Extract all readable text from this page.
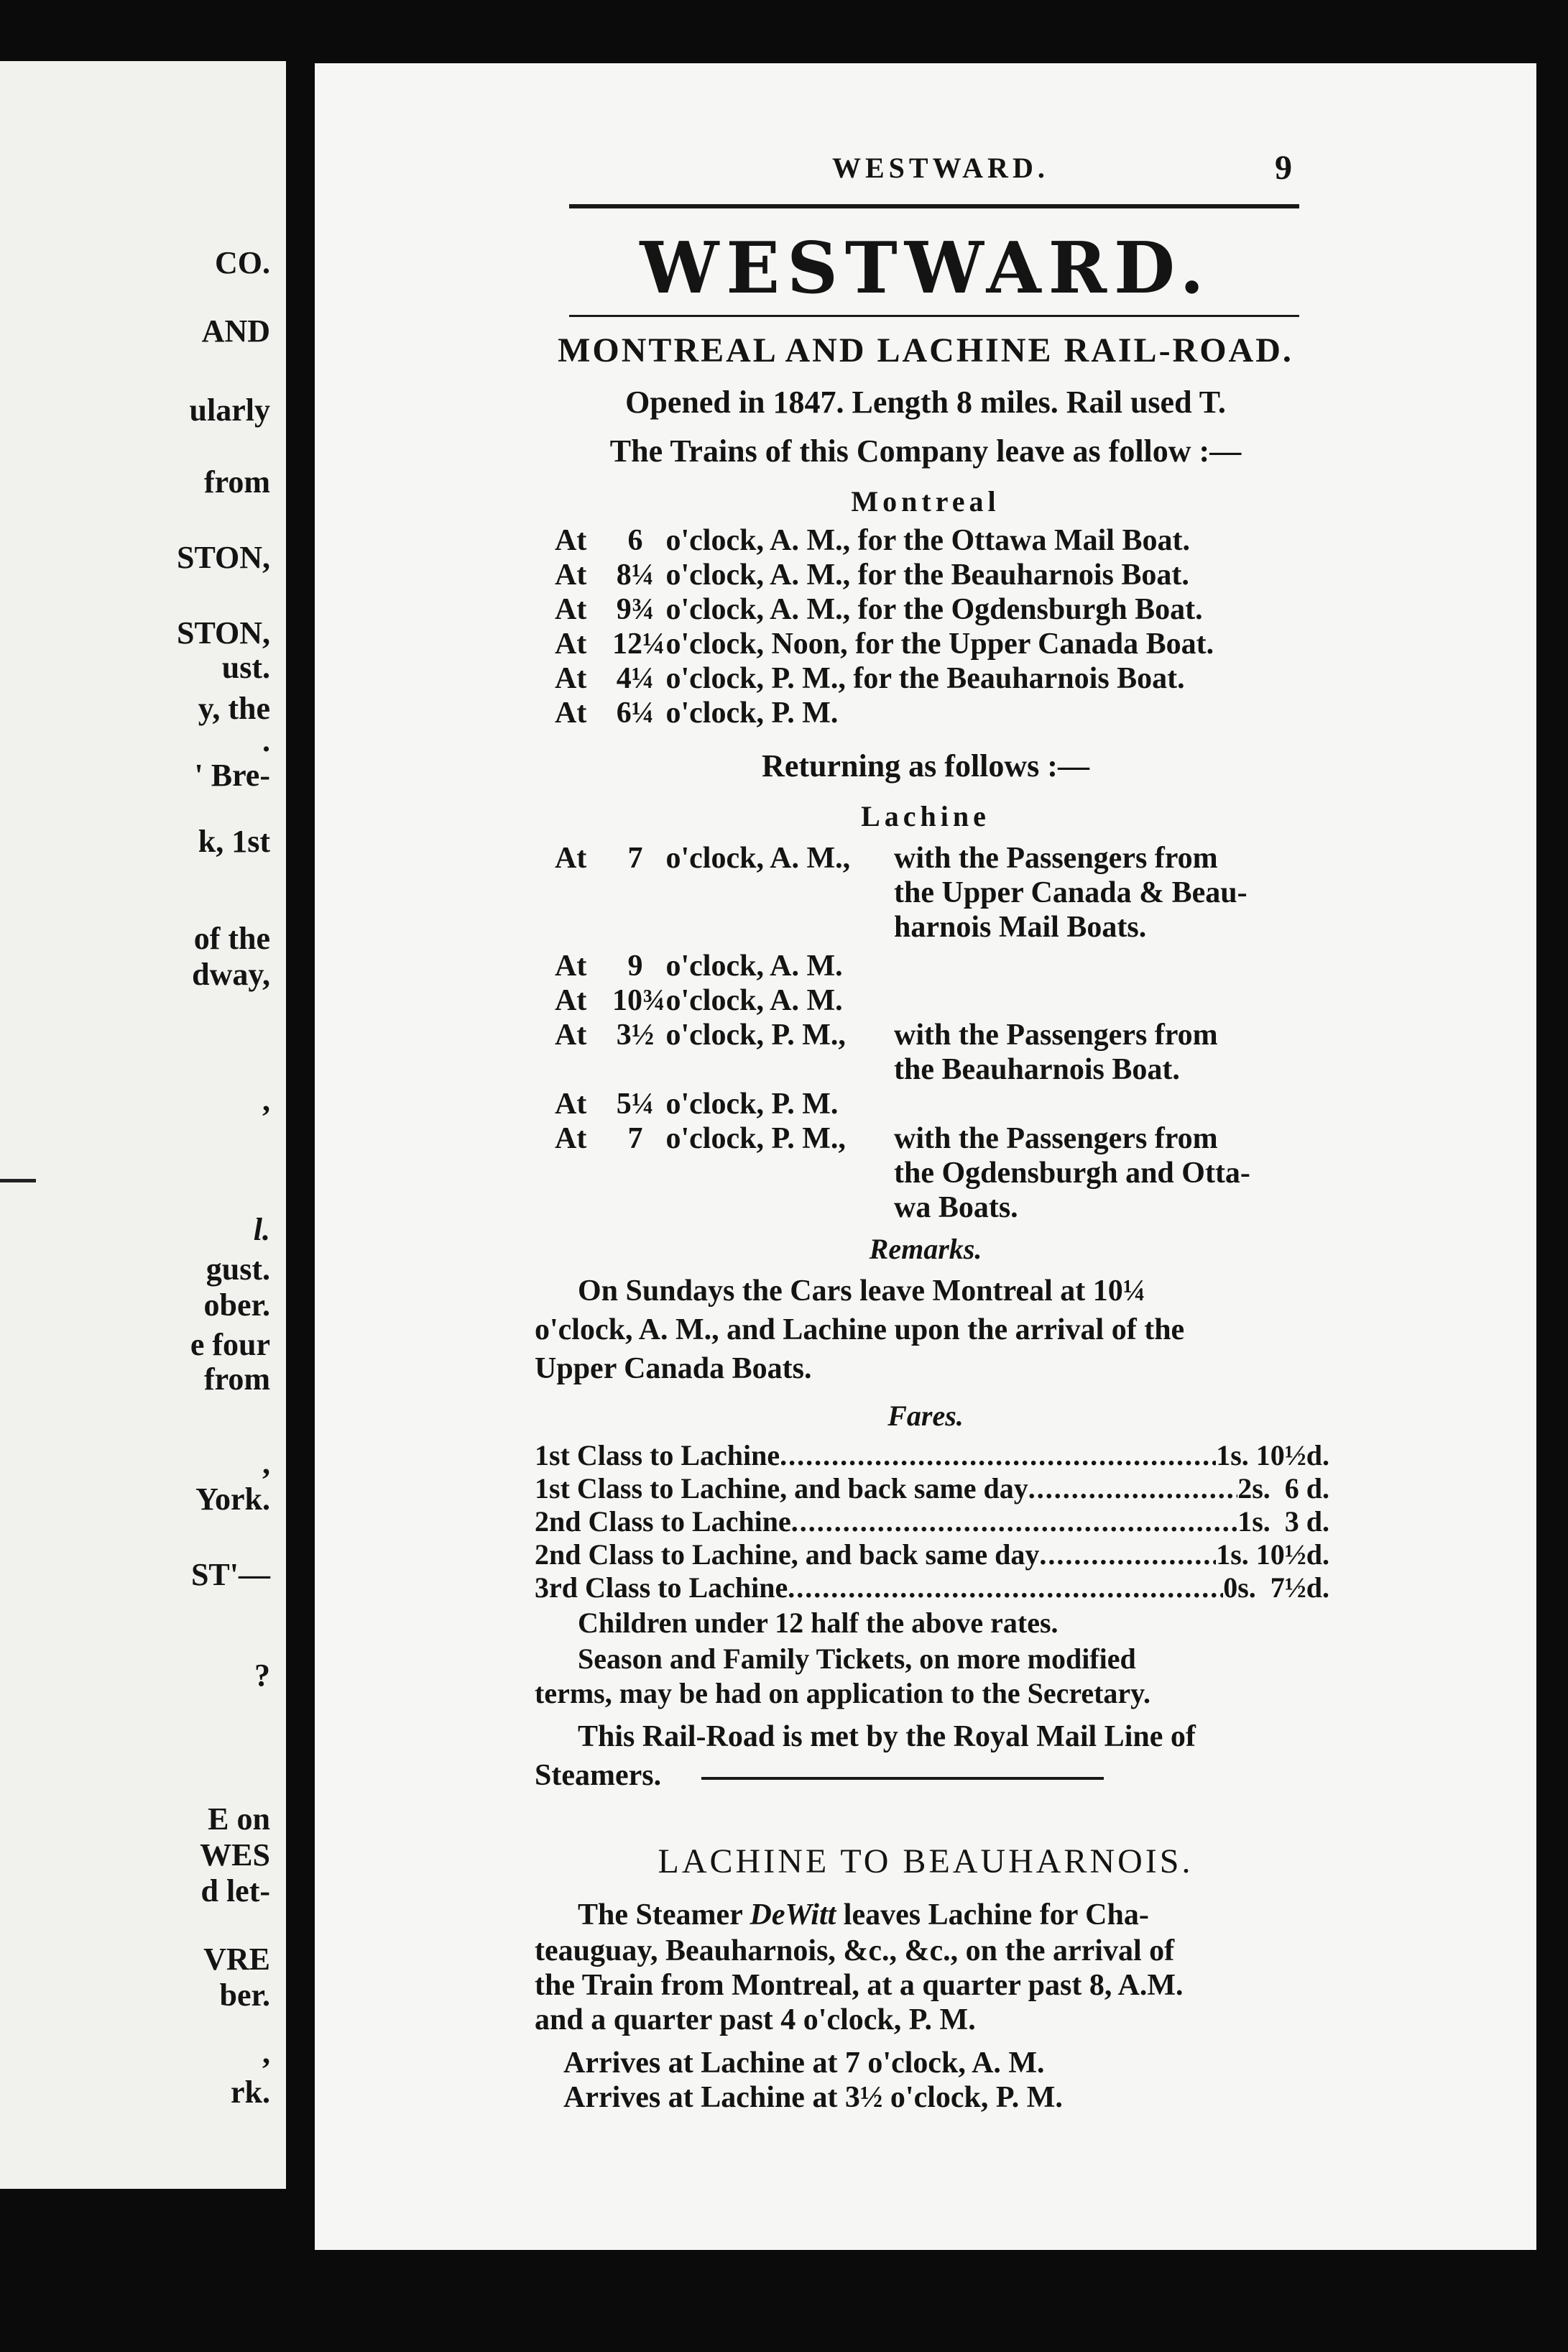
CO.
AND
ularly
from
STON,
STON,
ust.
y, the
.
' Bre-
k, 1st
of the
dway,
,
l.
gust.
ober.
e four
from
,
York.
ST'—
?
E on
WES
d let-
VRE
ber.
,
rk.
WESTWARD.	9
WESTWARD.
MONTREAL AND LACHINE RAIL-ROAD.
Opened in 1847. Length 8 miles. Rail used T.
The Trains of this Company leave as follow :—
Montreal
At 6 o'clock, A. M., for the Ottawa Mail Boat.
At 8¼ o'clock, A. M., for the Beauharnois Boat.
At 9¾ o'clock, A. M., for the Ogdensburgh Boat.
At 12¼ o'clock, Noon, for the Upper Canada Boat.
At 4¼ o'clock, P. M., for the Beauharnois Boat.
At 6¼ o'clock, P. M.
Returning as follows :—
Lachine
At 7 o'clock, A. M.,	with the Passengers from
the Upper Canada & Beau-
harnois Mail Boats.
At 9 o'clock, A. M.
At 10¾ o'clock, A. M.
At 3½ o'clock, P. M., with the Passengers from
the Beauharnois Boat.
At 5¼ o'clock, P. M.
At 7 o'clock, P. M., with the Passengers from
the Ogdensburgh and Otta-
wa Boats.
Remarks.
On Sundays the Cars leave Montreal at 10¼
o'clock, A. M., and Lachine upon the arrival of the
Upper Canada Boats.
Fares.
1st Class to Lachine .....	1s. 10½d.
1st Class to Lachine, and back same day .....	2s.  6 d.
2nd Class to Lachine .....	1s.  3 d.
2nd Class to Lachine, and back same day .....	1s. 10½d.
3rd Class to Lachine .....	0s.  7½d.
Children under 12 half the above rates.
Season and Family Tickets, on more modified
terms, may be had on application to the Secretary.
This Rail-Road is met by the Royal Mail Line of
Steamers.
LACHINE TO BEAUHARNOIS.
The Steamer DeWitt leaves Lachine for Cha-
teauguay, Beauharnois, &c., &c., on the arrival of
the Train from Montreal, at a quarter past 8, A.M.
and a quarter past 4 o'clock, P. M.
Arrives at Lachine at 7 o'clock, A. M.
Arrives at Lachine at 3½ o'clock, P. M.
